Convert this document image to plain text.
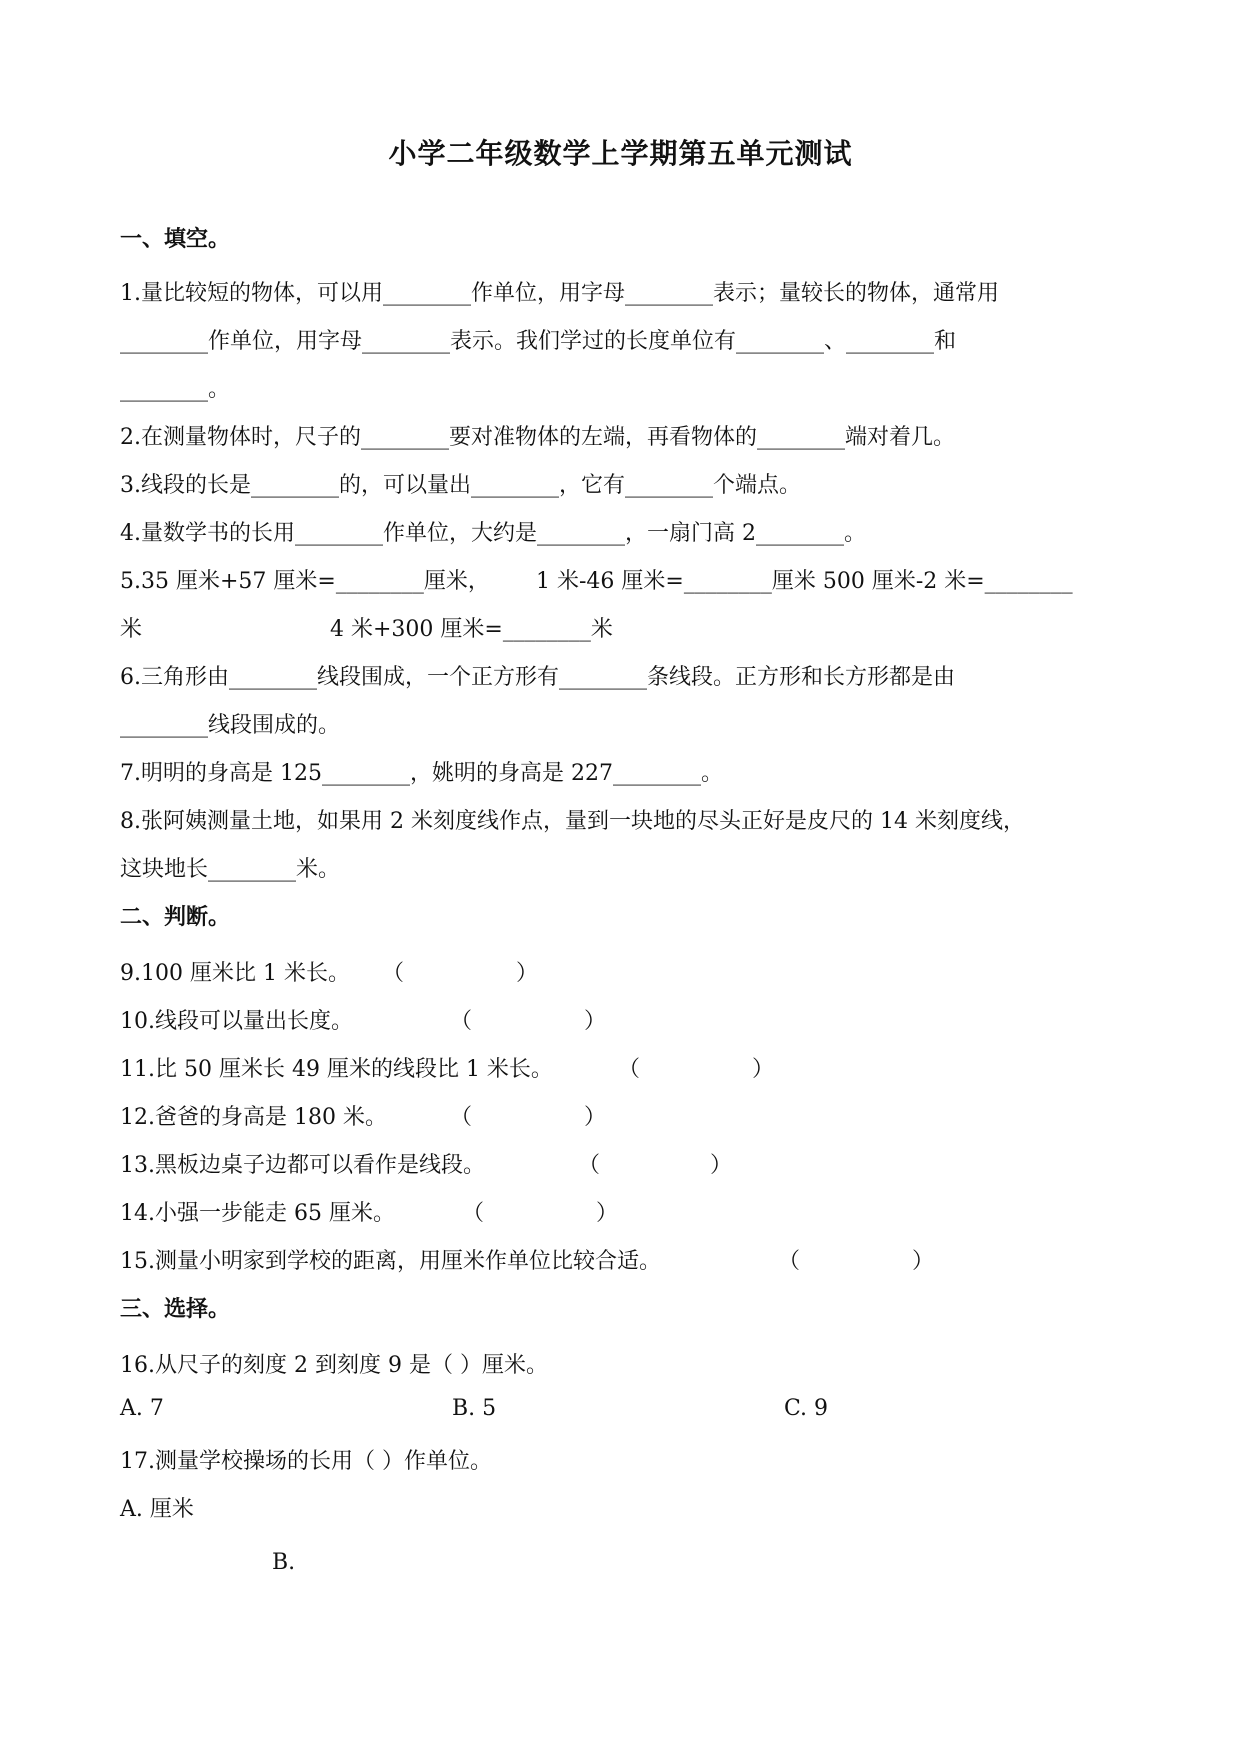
小学二年级数学上学期第五单元测试
一、填空。
1.量比较短的物体，可以用________作单位，用字母________表示；量较长的物体，通常用
________作单位，用字母________表示。我们学过的长度单位有________、________和
________。
2.在测量物体时，尺子的________要对准物体的左端，再看物体的________端对着几。
3.线段的长是________的，可以量出________，它有________个端点。
4.量数学书的长用________作单位，大约是________，一扇门高 2________。
5.35 厘米+57 厘米=________厘米， 1 米-46 厘米=________厘米 500 厘米-2 米=________
米	4 米+300 厘米=________米
6.三角形由________线段围成，一个正方形有________条线段。正方形和长方形都是由
________线段围成的。
7.明明的身高是 125________，姚明的身高是 227________。
8.张阿姨测量土地，如果用 2 米刻度线作点，量到一块地的尽头正好是皮尺的 14 米刻度线，
这块地长________米。
二、判断。
9.100 厘米比 1 米长。 （	）
10.线段可以量出长度。	（	）
11.比 50 厘米长 49 厘米的线段比 1 米长。	（	）
12.爸爸的身高是 180 米。	（	）
13.黑板边桌子边都可以看作是线段。	（	）
14.小强一步能走 65 厘米。	（	）
15.测量小明家到学校的距离，用厘米作单位比较合适。	（	）
三、选择。
16.从尺子的刻度 2 到刻度 9 是（ ）厘米。
A. 7	B. 5	C. 9
17.测量学校操场的长用（ ）作单位。
A. 厘米
B.
